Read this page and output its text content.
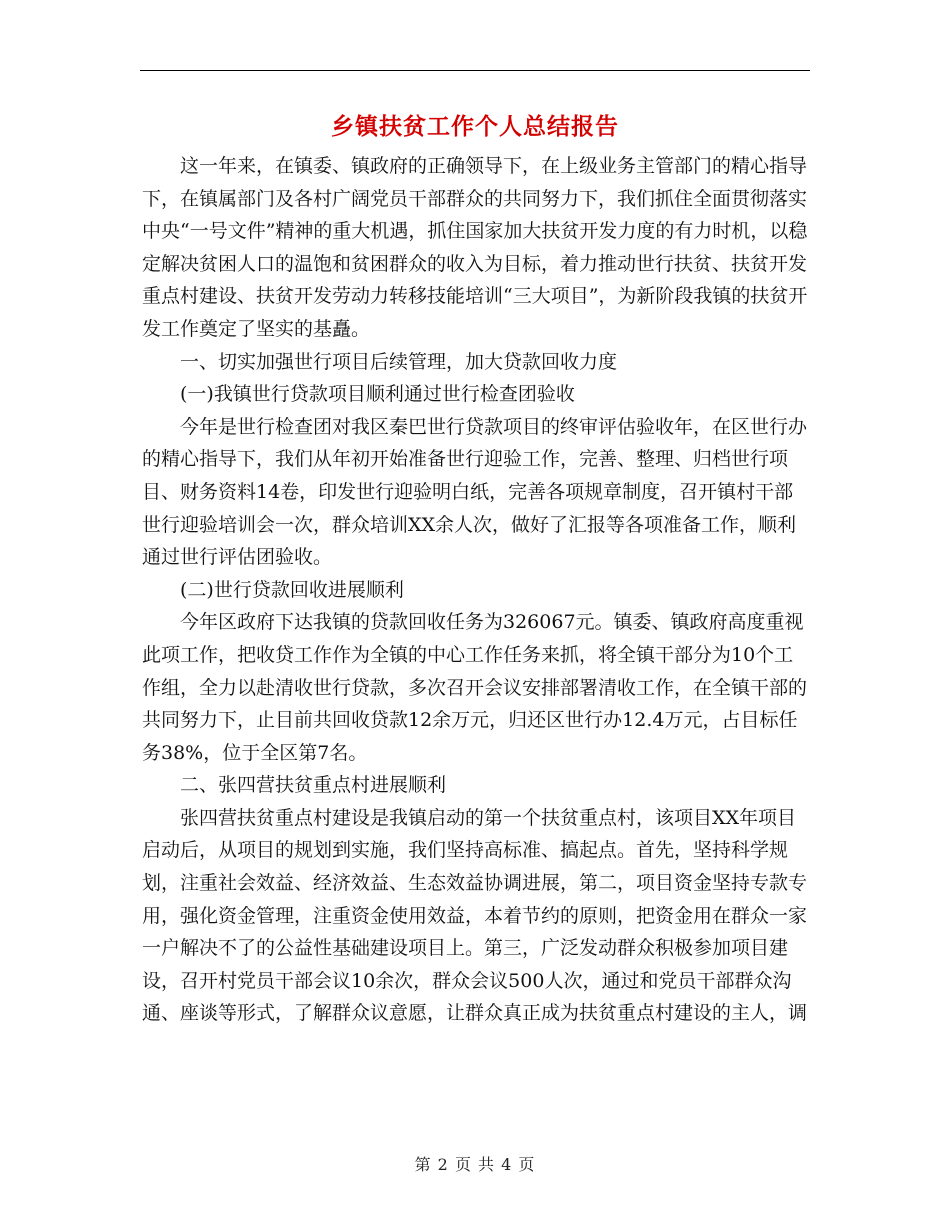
乡镇扶贫工作个人总结报告

这一年来，在镇委、镇政府的正确领导下，在上级业务主管部门的精心指导下，在镇属部门及各村广阔党员干部群众的共同努力下，我们抓住全面贯彻落实中央“一号文件”精神的重大机遇，抓住国家加大扶贫开发力度的有力时机，以稳定解决贫困人口的温饱和贫困群众的收入为目标，着力推动世行扶贫、扶贫开发重点村建设、扶贫开发劳动力转移技能培训“三大项目”，为新阶段我镇的扶贫开发工作奠定了坚实的基矗。

一、切实加强世行项目后续管理，加大贷款回收力度

(一)我镇世行贷款项目顺利通过世行检查团验收

今年是世行检查团对我区秦巴世行贷款项目的终审评估验收年，在区世行办的精心指导下，我们从年初开始准备世行迎验工作，完善、整理、归档世行项目、财务资料14卷，印发世行迎验明白纸，完善各项规章制度，召开镇村干部世行迎验培训会一次，群众培训XX余人次，做好了汇报等各项准备工作，顺利通过世行评估团验收。

(二)世行贷款回收进展顺利

今年区政府下达我镇的贷款回收任务为326067元。镇委、镇政府高度重视此项工作，把收贷工作作为全镇的中心工作任务来抓，将全镇干部分为10个工作组，全力以赴清收世行贷款，多次召开会议安排部署清收工作，在全镇干部的共同努力下，止目前共回收贷款12余万元，归还区世行办12.4万元，占目标任务38%，位于全区第7名。

二、张四营扶贫重点村进展顺利

张四营扶贫重点村建设是我镇启动的第一个扶贫重点村，该项目XX年项目启动后，从项目的规划到实施，我们坚持高标准、搞起点。首先，坚持科学规划，注重社会效益、经济效益、生态效益协调进展，第二，项目资金坚持专款专用，强化资金管理，注重资金使用效益，本着节约的原则，把资金用在群众一家一户解决不了的公益性基础建设项目上。第三，广泛发动群众积极参加项目建设，召开村党员干部会议10余次，群众会议500人次，通过和党员干部群众沟通、座谈等形式，了解群众议意愿，让群众真正成为扶贫重点村建设的主人，调

第 2 页 共 4 页
